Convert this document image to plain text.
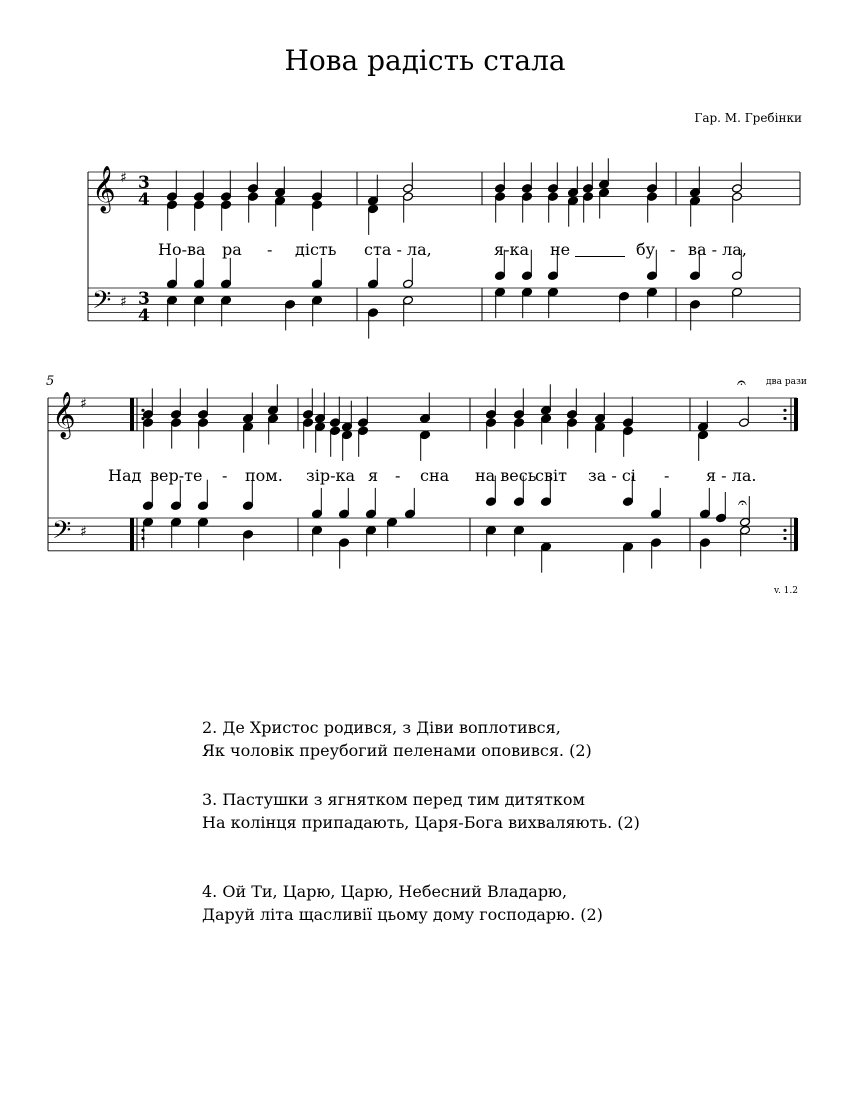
Нова радість стала
Гар. М. Гребінки
5	два рази
v. 1.2
𝄞
𝄢
♯
♯
3
4
3
4
𝄞
𝄢
♯
♯
𝄐
𝄐
Но-ва ра - дість ста - ла,	я-ка не	бу - ва - ла,
Над вер-те - пом. зір-ка я - сна на весь
світ за - сі - я - ла.
2. Де Христос родився, з Діви воплотився,
Як чоловік преубогий пеленами оповився. (2)
3. Пастушки з ягнятком перед тим дитятком
На колінця припадають, Царя-Бога вихваляють. (2)
4. Ой Ти, Царю, Царю, Небесний Владарю,
Даруй літа щасливії цьому дому господарю. (2)
